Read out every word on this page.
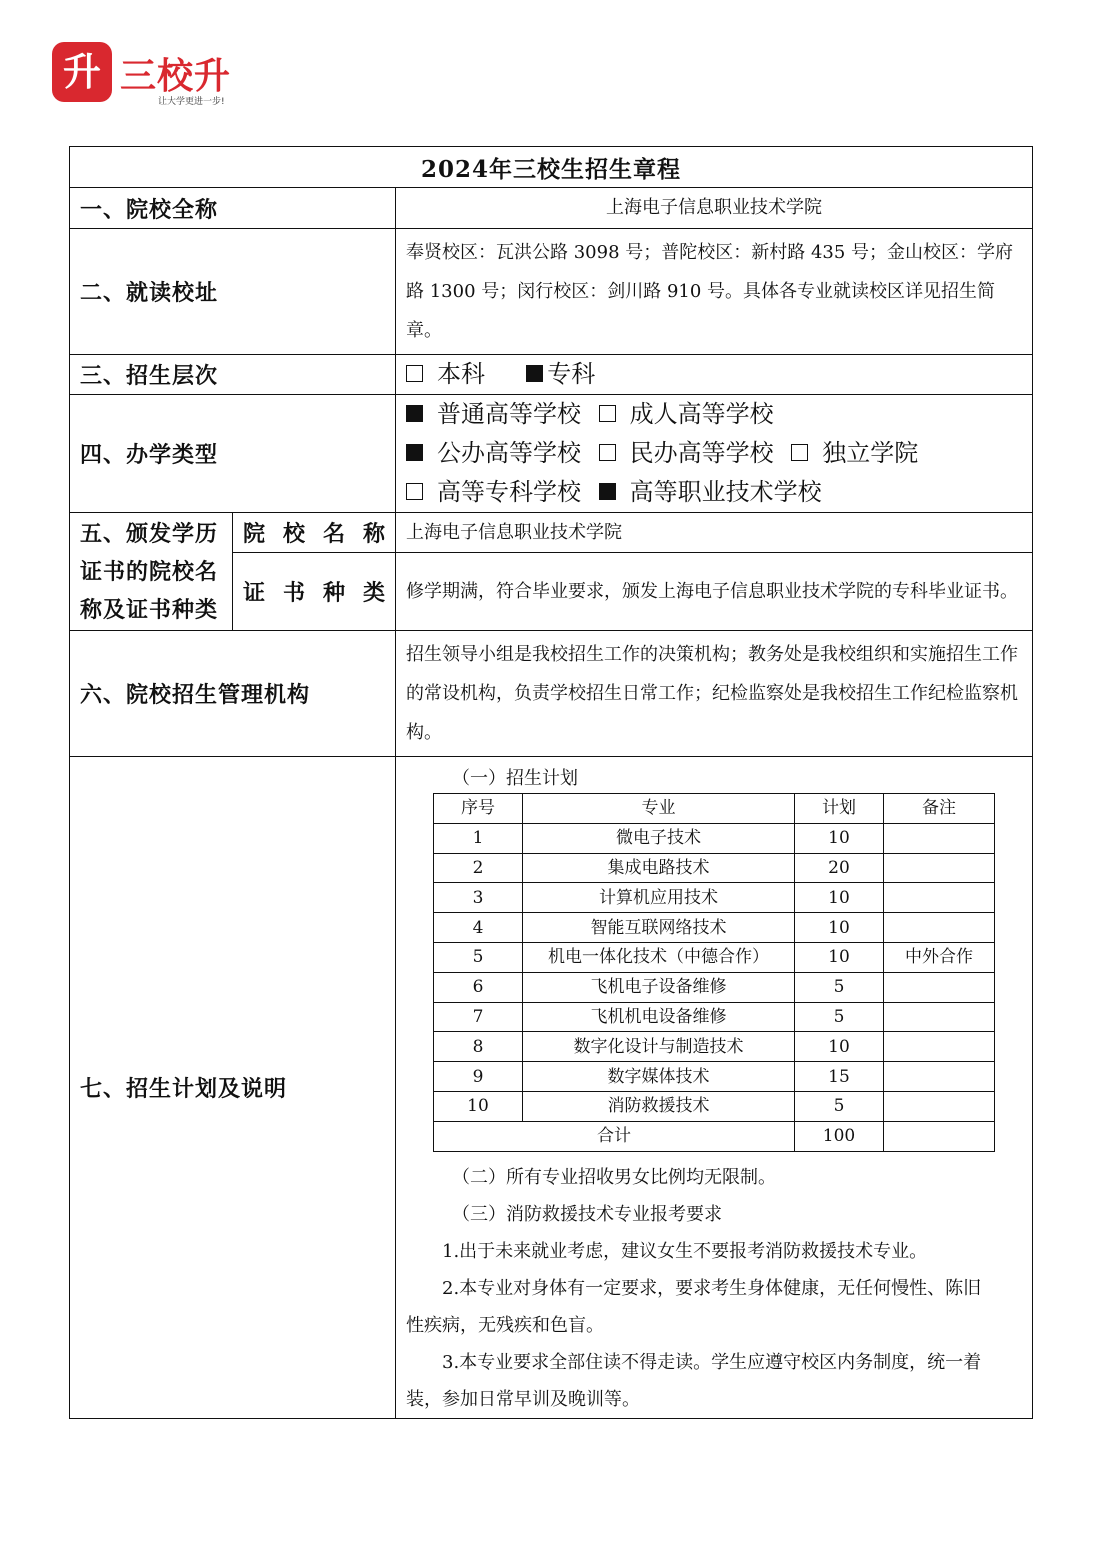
升 三校升
让大学更进一步!
2024年三校生招生章程
一、院校全称	上海电子信息职业技术学院
二、就读校址	奉贤校区：瓦洪公路 3098 号；普陀校区：新村路 435 号；金山校区：学府路 1300 号；闵行校区：剑川路 910 号。具体各专业就读校区详见招生简章。
三、招生层次	本科	专科
四、办学类型	
普通高等学校 成人高等学校
公办高等学校 民办高等学校 独立学院
高等专科学校 高等职业技术学校

五、颁发学历
证书的院校名
称及证书种类
	院校名称	上海电子信息职业技术学院
证书种类	修学期满，符合毕业要求，颁发上海电子信息职业技术学院的专科毕业证书。
六、院校招生管理机构	招生领导小组是我校招生工作的决策机构；教务处是我校组织和实施招生工作的常设机构，负责学校招生日常工作；纪检监察处是我校招生工作纪检监察机构。
七、招生计划及说明	
（一）招生计划
序号	专业	计划	备注
1	微电子技术	10	
2	集成电路技术	20	
3	计算机应用技术	10	
4	智能互联网络技术	10	
5	机电一体化技术（中德合作）	10	中外合作
6	飞机电子设备维修	5	
7	飞机机电设备维修	5	
8	数字化设计与制造技术	10	
9	数字媒体技术	15	
10	消防救援技术	5	
合计	100	

（二）所有专业招收男女比例均无限制。

（三）消防救援技术专业报考要求

1.出于未来就业考虑，建议女生不要报考消防救援技术专业。

2.本专业对身体有一定要求，要求考生身体健康，无任何慢性、陈旧

性疾病，无残疾和色盲。

3.本专业要求全部住读不得走读。学生应遵守校区内务制度，统一着

装，参加日常早训及晚训等。
